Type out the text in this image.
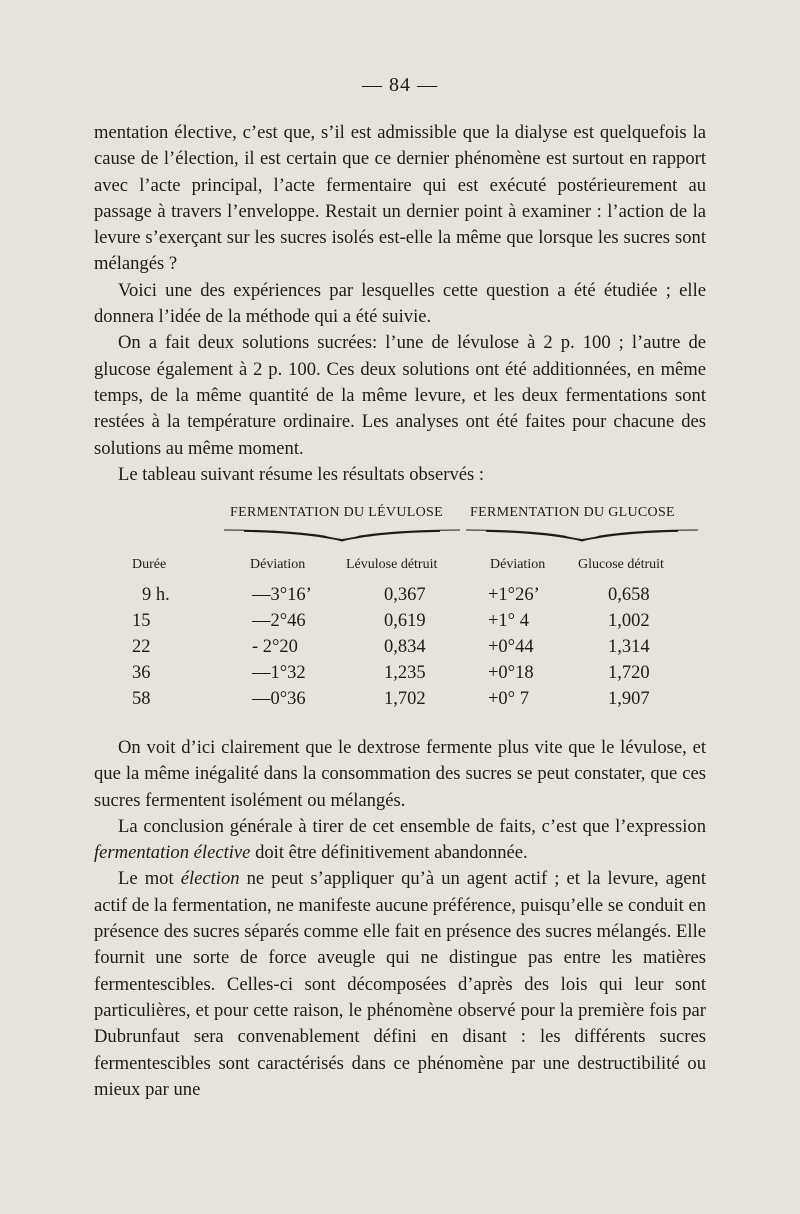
— 84 —

mentation élective, c’est que, s’il est admissible que la dialyse est quelquefois la cause de l’élection, il est certain que ce dernier phénomène est surtout en rapport avec l’acte principal, l’acte fermentaire qui est exécuté postérieurement au passage à travers l’enveloppe. Restait un dernier point à examiner : l’action de la levure s’exerçant sur les sucres isolés est-elle la même que lorsque les sucres sont mélangés ?

Voici une des expériences par lesquelles cette question a été étudiée ; elle donnera l’idée de la méthode qui a été suivie.

On a fait deux solutions sucrées: l’une de lévulose à 2 p. 100 ; l’autre de glucose également à 2 p. 100. Ces deux solutions ont été additionnées, en même temps, de la même quantité de la même levure, et les deux fermentations sont restées à la température ordinaire. Les analyses ont été faites pour chacune des solutions au même moment.

Le tableau suivant résume les résultats observés :

FERMENTATION DU LÉVULOSE FERMENTATION DU GLUCOSE
Durée	Déviation	Lévulose détruit	Déviation Glucose détruit
9 h.	—3°16’	0,367	+1°26’	0,658
15	—2°46	0,619	+1° 4	1,002
22	- 2°20	0,834	+0°44	1,314
36	—1°32	1,235	+0°18	1,720
58	—0°36	1,702	+0° 7	1,907

On voit d’ici clairement que le dextrose fermente plus vite que le lévulose, et que la même inégalité dans la consommation des sucres se peut constater, que ces sucres fermentent isolément ou mélangés.

La conclusion générale à tirer de cet ensemble de faits, c’est que l’expression fermentation élective doit être définitivement abandonnée.

Le mot élection ne peut s’appliquer qu’à un agent actif ; et la levure, agent actif de la fermentation, ne manifeste aucune préférence, puisqu’elle se conduit en présence des sucres séparés comme elle fait en présence des sucres mélangés. Elle fournit une sorte de force aveugle qui ne distingue pas entre les matières fermentescibles. Celles-ci sont décomposées d’après des lois qui leur sont particulières, et pour cette raison, le phénomène observé pour la première fois par Dubrunfaut sera convenablement défini en disant : les différents sucres fermentescibles sont caractérisés dans ce phénomène par une destructibilité ou mieux par une
